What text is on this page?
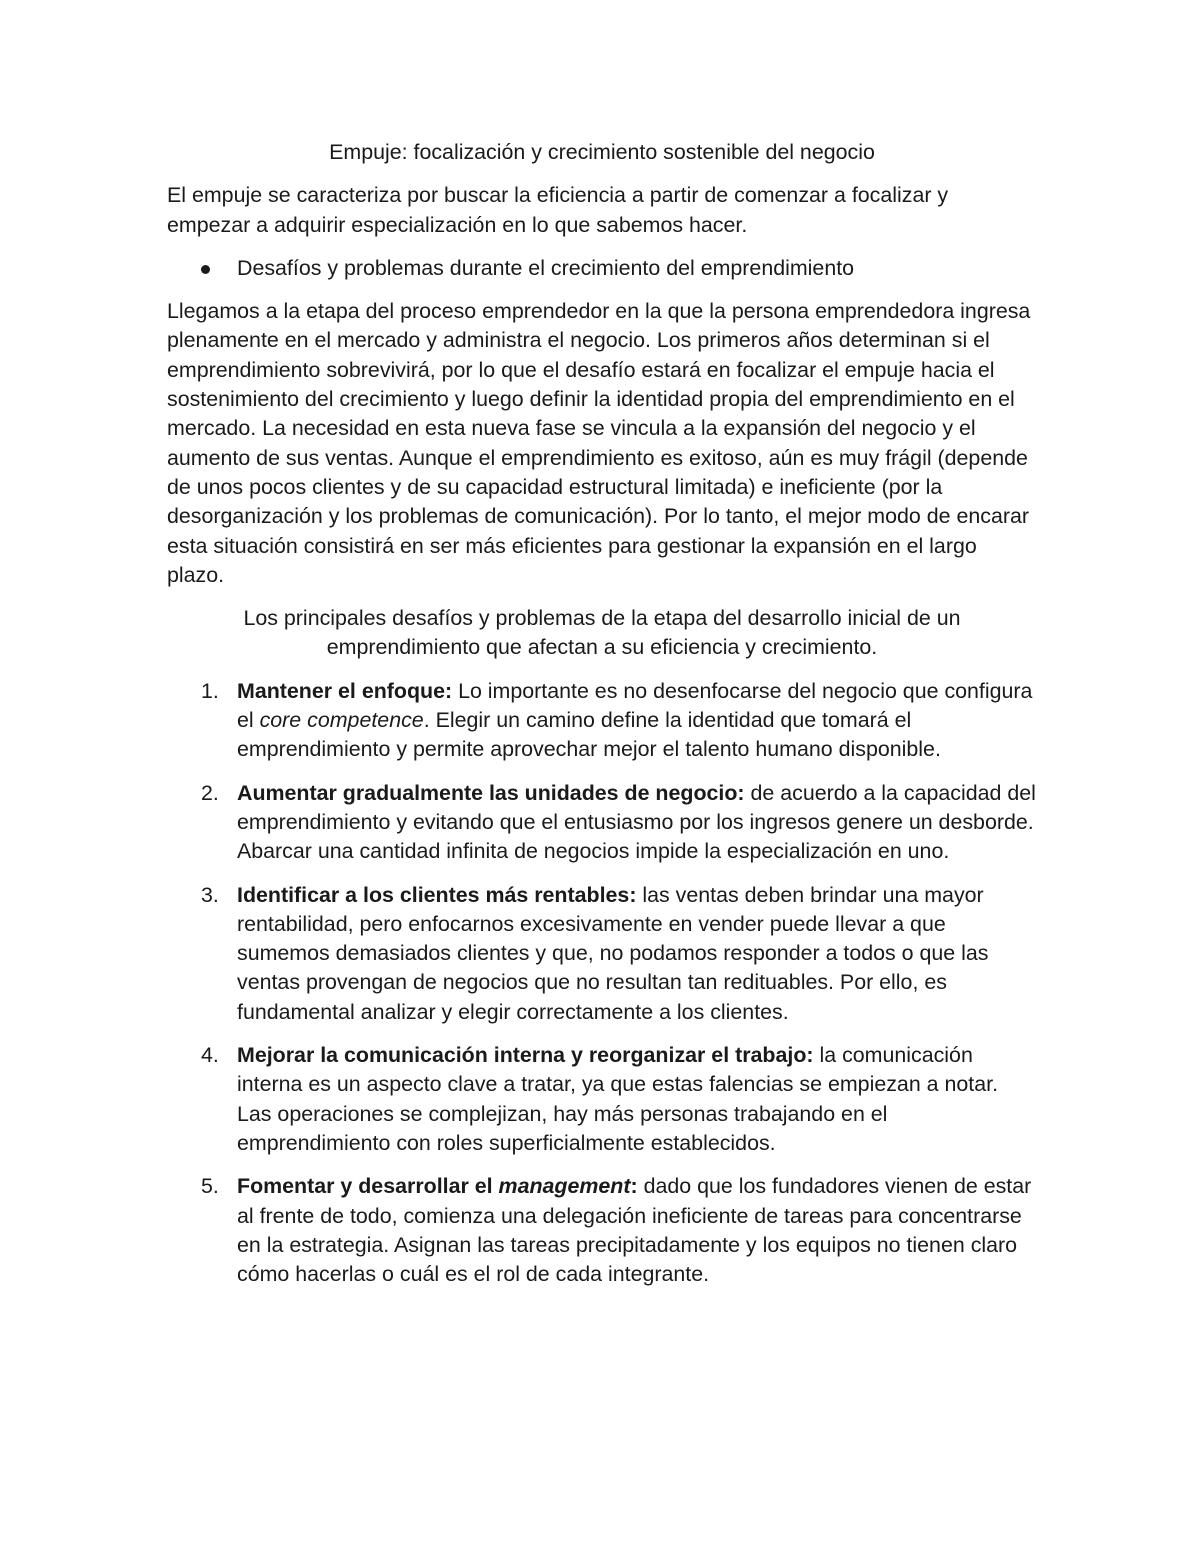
Empuje: focalización y crecimiento sostenible del negocio

El empuje se caracteriza por buscar la eficiencia a partir de comenzar a focalizar y empezar a adquirir especialización en lo que sabemos hacer.

Desafíos y problemas durante el crecimiento del emprendimiento

Llegamos a la etapa del proceso emprendedor en la que la persona emprendedora ingresa plenamente en el mercado y administra el negocio. Los primeros años determinan si el emprendimiento sobrevivirá, por lo que el desafío estará en focalizar el empuje hacia el sostenimiento del crecimiento y luego definir la identidad propia del emprendimiento en el mercado. La necesidad en esta nueva fase se vincula a la expansión del negocio y el aumento de sus ventas. Aunque el emprendimiento es exitoso, aún es muy frágil (depende de unos pocos clientes y de su capacidad estructural limitada) e ineficiente (por la desorganización y los problemas de comunicación). Por lo tanto, el mejor modo de encarar esta situación consistirá en ser más eficientes para gestionar la expansión en el largo plazo.

Los principales desafíos y problemas de la etapa del desarrollo inicial de un emprendimiento que afectan a su eficiencia y crecimiento.

1. Mantener el enfoque: Lo importante es no desenfocarse del negocio que configura el core competence. Elegir un camino define la identidad que tomará el emprendimiento y permite aprovechar mejor el talento humano disponible.
2. Aumentar gradualmente las unidades de negocio: de acuerdo a la capacidad del emprendimiento y evitando que el entusiasmo por los ingresos genere un desborde. Abarcar una cantidad infinita de negocios impide la especialización en uno.
3. Identificar a los clientes más rentables: las ventas deben brindar una mayor rentabilidad, pero enfocarnos excesivamente en vender puede llevar a que sumemos demasiados clientes y que, no podamos responder a todos o que las ventas provengan de negocios que no resultan tan redituables. Por ello, es fundamental analizar y elegir correctamente a los clientes.
4. Mejorar la comunicación interna y reorganizar el trabajo: la comunicación interna es un aspecto clave a tratar, ya que estas falencias se empiezan a notar. Las operaciones se complejizan, hay más personas trabajando en el emprendimiento con roles superficialmente establecidos.
5. Fomentar y desarrollar el management: dado que los fundadores vienen de estar al frente de todo, comienza una delegación ineficiente de tareas para concentrarse en la estrategia. Asignan las tareas precipitadamente y los equipos no tienen claro cómo hacerlas o cuál es el rol de cada integrante.
